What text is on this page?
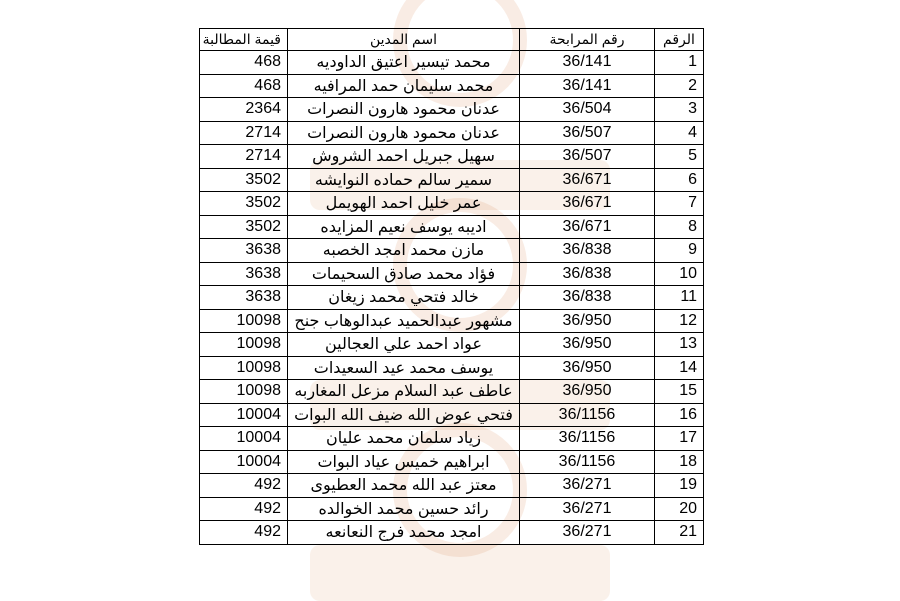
الرقم	رقم المرابحة	اسم المدين	قيمة المطالبة
1	36/141	محمد تيسير اعتيق الداوديه	468
2	36/141	محمد سليمان حمد المرافيه	468
3	36/504	عدنان محمود هارون النصرات	2364
4	36/507	عدنان محمود هارون النصرات	2714
5	36/507	سهيل جبريل احمد الشروش	2714
6	36/671	سمير سالم حماده النوايشه	3502
7	36/671	عمر خليل احمد الهويمل	3502
8	36/671	اديبه يوسف نعيم المزايده	3502
9	36/838	مازن محمد امجد الخصبه	3638
10	36/838	فؤاد محمد صادق السحيمات	3638
11	36/838	خالد فتحي محمد زيغان	3638
12	36/950	مشهور عبدالحميد عبدالوهاب جنح	10098
13	36/950	عواد احمد علي العجالين	10098
14	36/950	يوسف محمد عيد السعيدات	10098
15	36/950	عاطف عبد السلام مزعل المغاربه	10098
16	36/1156	فتحي عوض الله ضيف الله البوات	10004
17	36/1156	زياد سلمان محمد عليان	10004
18	36/1156	ابراهيم خميس عياد البوات	10004
19	36/271	معتز عبد الله محمد العطيوى	492
20	36/271	رائد حسين محمد الخوالده	492
21	36/271	امجد محمد فرج النعانعه	492
